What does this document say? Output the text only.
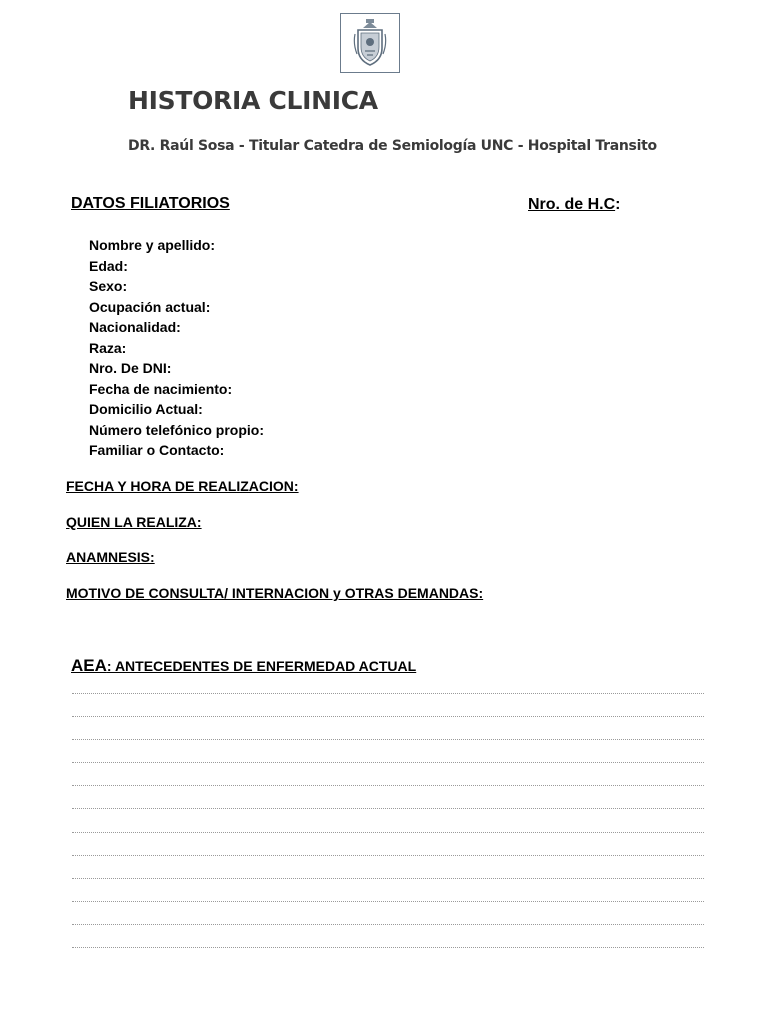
HISTORIA CLINICA
DR. Raúl Sosa - Titular Catedra de Semiología UNC - Hospital Transito
DATOS FILIATORIOS	Nro. de H.C:
Nombre y apellido:
Edad:
Sexo:
Ocupación actual:
Nacionalidad:
Raza:
Nro. De DNI:
Fecha de nacimiento:
Domicilio Actual:
Número telefónico propio:
Familiar o Contacto:
FECHA Y HORA DE REALIZACION:
QUIEN LA REALIZA:
ANAMNESIS:
MOTIVO DE CONSULTA/ INTERNACION y OTRAS DEMANDAS:
AEA: ANTECEDENTES DE ENFERMEDAD ACTUAL
